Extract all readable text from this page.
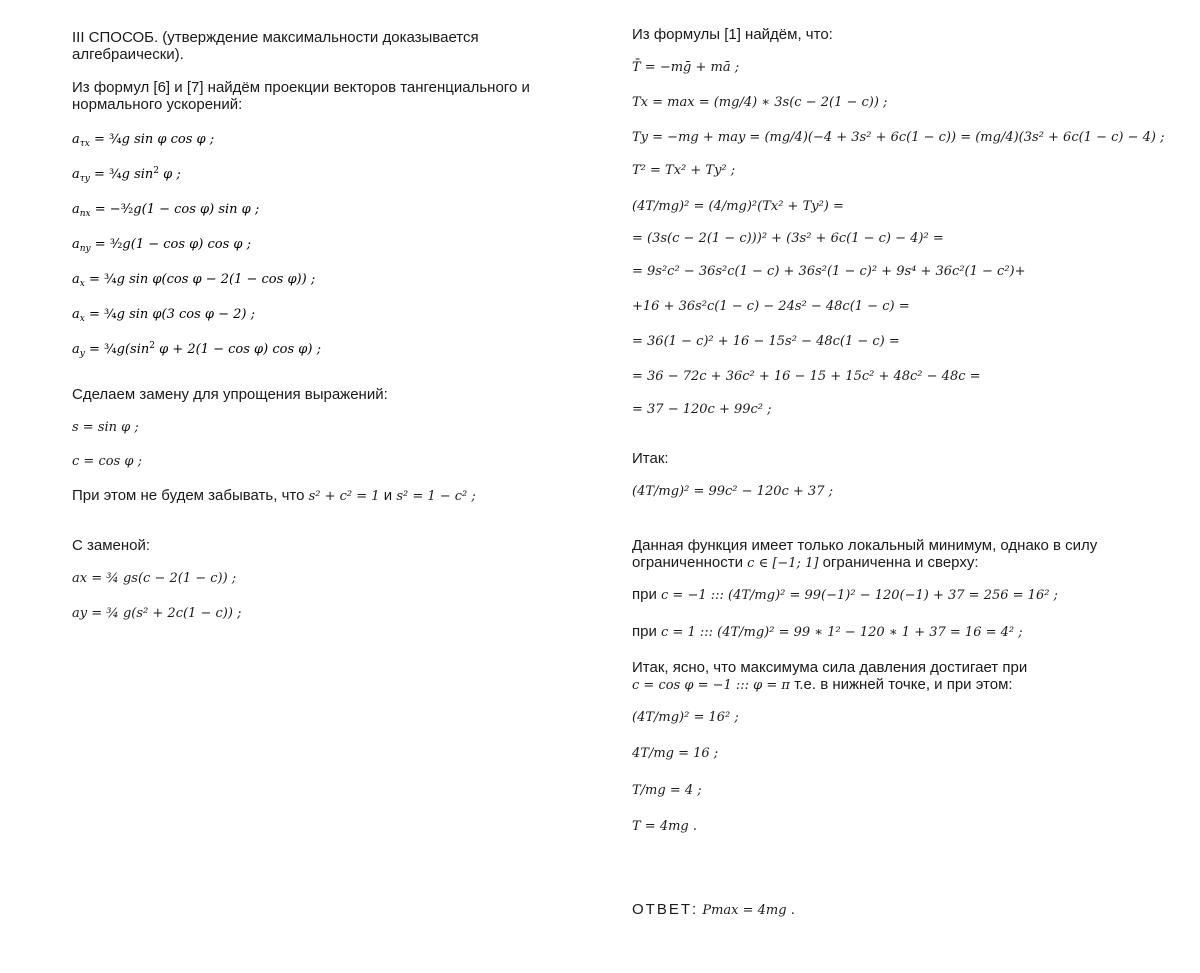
III СПОСОБ. (утверждение максимальности доказывается алгебраически).
Из формул [6] и [7] найдём проекции векторов тангенциального и нормального ускорений:
$a_{\tau x}$ = ¾g sin φ cos φ ;
$a_{\tau y}$ = ¾g $\sin^2 \varphi$ ;
$a_{nx}$ = −³⁄₂g(1 − cos φ) sin φ ;
$a_{ny}$ = ³⁄₂g(1 − cos φ) cos φ ;
$a_x$ = ¾g sin φ(cos φ − 2(1 − cos φ)) ;
$a_x$ = ¾g sin φ(3 cos φ − 2) ;
$a_y$ = $\frac{3}{4}g(\sin^2$ φ + 2(1 − cos φ) cos φ) ;
Сделаем замену для упрощения выражений:
s = sin φ ;
c = cos φ ;
При этом не будем забывать, что s² + c² = 1 и s² = 1 − c² ;
С заменой:
ax = ¾ gs(c − 2(1 − c)) ;
ay = ¾ g(s² + 2c(1 − c)) ;
Из формулы [1] найдём, что:
T̄ = −mḡ + mā ;
Tx = max = (mg/4) ∗ 3s(c − 2(1 − c)) ;
Ty = −mg + may = (mg/4)(−4 + 3s² + 6c(1 − c)) = (mg/4)(3s² + 6c(1 − c) − 4) ;
T² = Tx² + Ty² ;
(4T/mg)² = (4/mg)²(Tx² + Ty²) =
= (3s(c − 2(1 − c)))² + (3s² + 6c(1 − c) − 4)² =
= 9s²c² − 36s²c(1 − c) + 36s²(1 − c)² + 9s⁴ + 36c²(1 − c²)+
+16 + 36s²c(1 − c) − 24s² − 48c(1 − c) =
= 36(1 − c)² + 16 − 15s² − 48c(1 − c) =
= 36 − 72c + 36c² + 16 − 15 + 15c² + 48c² − 48c =
= 37 − 120c + 99c² ;
Итак:
(4T/mg)² = 99c² − 120c + 37 ;
Данная функция имеет только локальный минимум, однако в силу
ограниченности c ∈ [−1; 1] ограниченна и сверху:
при c = −1 ::: (4T/mg)² = 99(−1)² − 120(−1) + 37 = 256 = 16² ;
при c = 1 ::: (4T/mg)² = 99 ∗ 1² − 120 ∗ 1 + 37 = 16 = 4² ;
Итак, ясно, что максимума сила давления достигает при
c = cos φ = −1 ::: φ = π т.е. в нижней точке, и при этом:
(4T/mg)² = 16² ;
4T/mg = 16 ;
T/mg = 4 ;
T = 4mg .
ОТВЕТ: Pmax = 4mg .
